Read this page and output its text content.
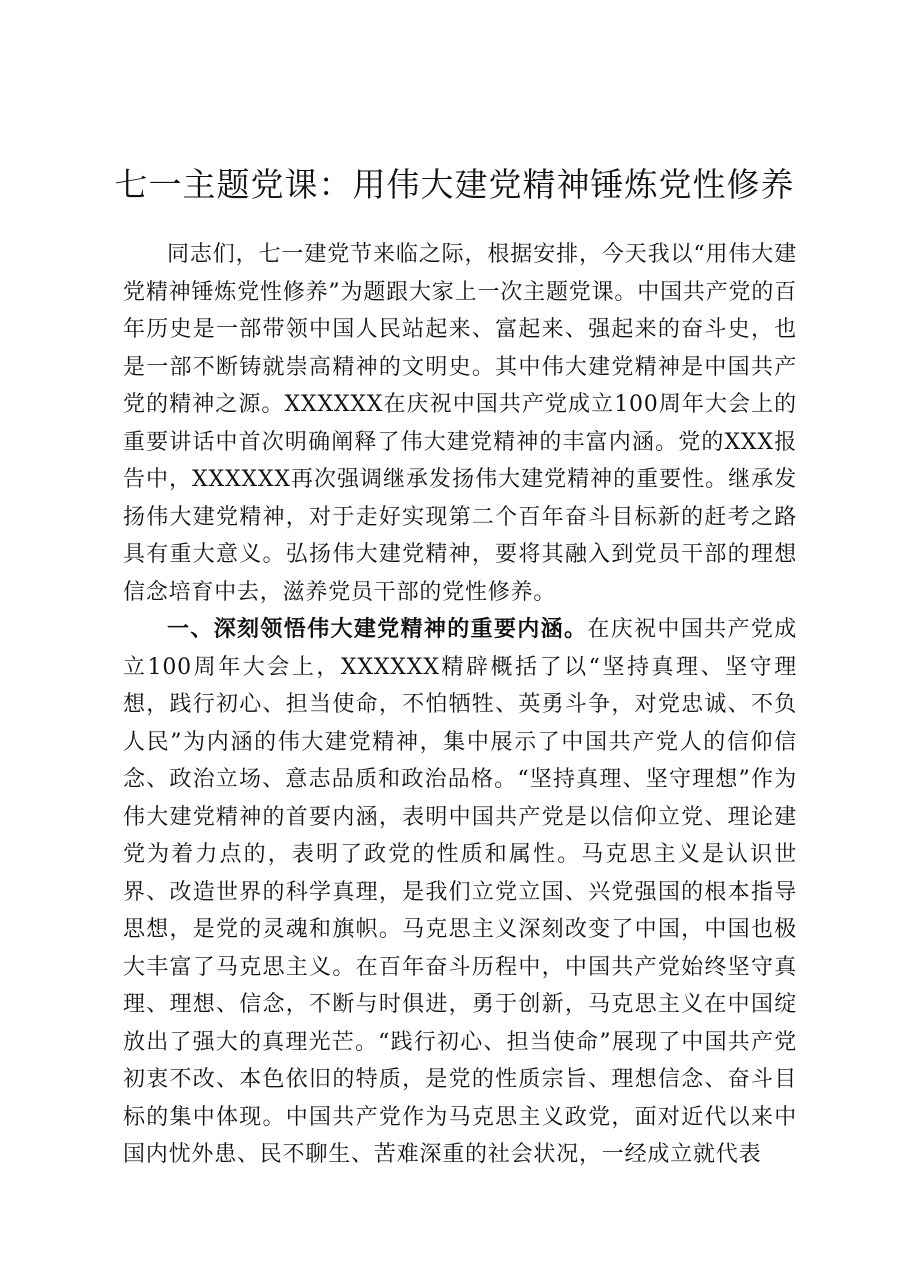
七一主题党课：用伟大建党精神锤炼党性修养

同志们，七一建党节来临之际，根据安排，今天我以“用伟大建党精神锤炼党性修养”为题跟大家上一次主题党课。中国共产党的百年历史是一部带领中国人民站起来、富起来、强起来的奋斗史，也是一部不断铸就崇高精神的文明史。其中伟大建党精神是中国共产党的精神之源。XXXXXX在庆祝中国共产党成立100周年大会上的重要讲话中首次明确阐释了伟大建党精神的丰富内涵。党的XXX报告中，XXXXXX再次强调继承发扬伟大建党精神的重要性。继承发扬伟大建党精神，对于走好实现第二个百年奋斗目标新的赶考之路具有重大意义。弘扬伟大建党精神，要将其融入到党员干部的理想信念培育中去，滋养党员干部的党性修养。

一、深刻领悟伟大建党精神的重要内涵。在庆祝中国共产党成立100周年大会上，XXXXXX精辟概括了以“坚持真理、坚守理想，践行初心、担当使命，不怕牺牲、英勇斗争，对党忠诚、不负人民”为内涵的伟大建党精神，集中展示了中国共产党人的信仰信念、政治立场、意志品质和政治品格。“坚持真理、坚守理想”作为伟大建党精神的首要内涵，表明中国共产党是以信仰立党、理论建党为着力点的，表明了政党的性质和属性。马克思主义是认识世界、改造世界的科学真理，是我们立党立国、兴党强国的根本指导思想，是党的灵魂和旗帜。马克思主义深刻改变了中国，中国也极大丰富了马克思主义。在百年奋斗历程中，中国共产党始终坚守真理、理想、信念，不断与时俱进，勇于创新，马克思主义在中国绽放出了强大的真理光芒。“践行初心、担当使命”展现了中国共产党初衷不改、本色依旧的特质，是党的性质宗旨、理想信念、奋斗目标的集中体现。中国共产党作为马克思主义政党，面对近代以来中国内忧外患、民不聊生、苦难深重的社会状况，一经成立就代表
